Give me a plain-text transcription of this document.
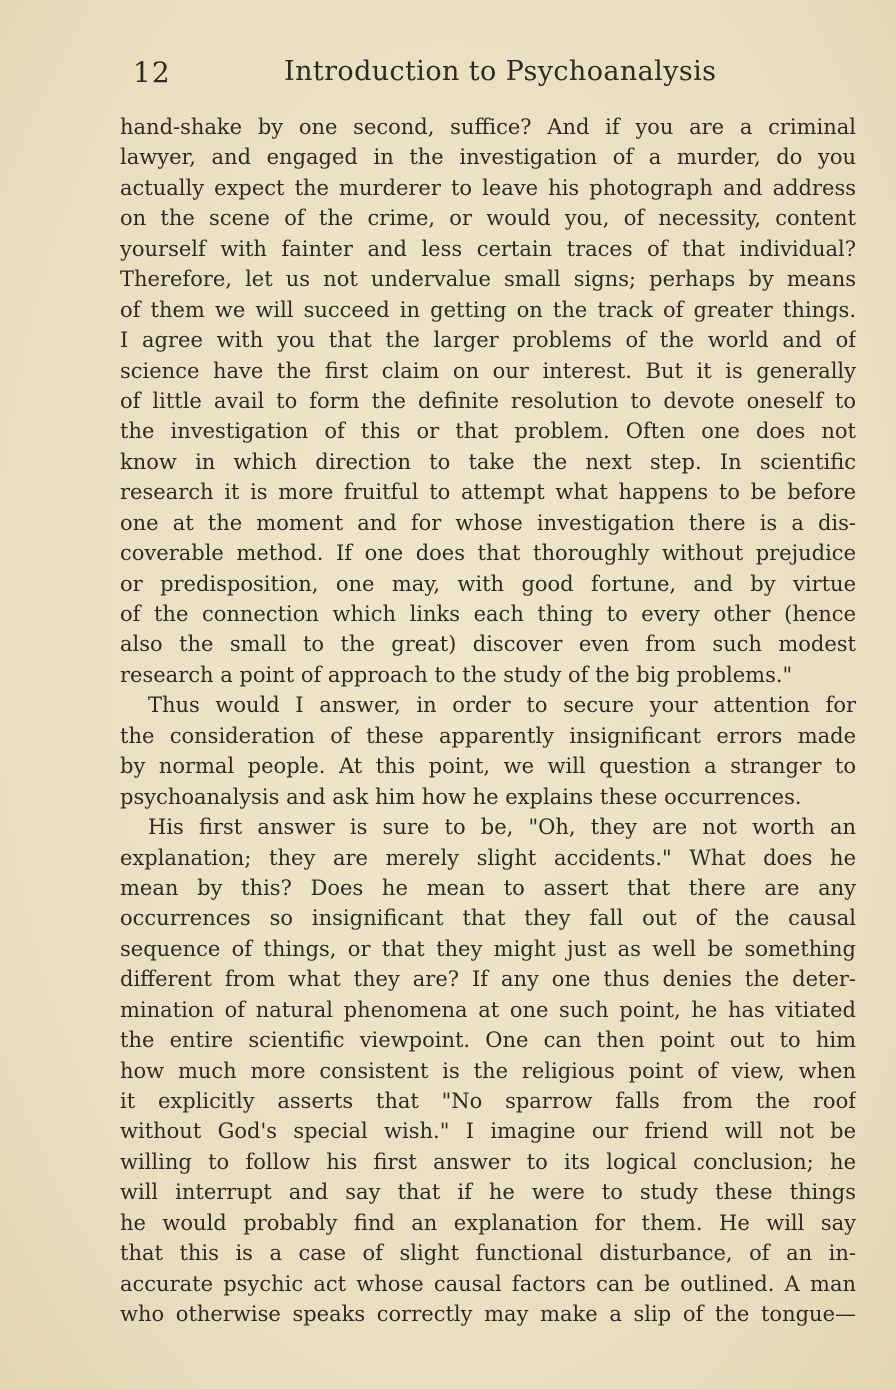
12	Introduction to Psychoanalysis
hand-shake by one second, suffice? And if you are a criminal
lawyer, and engaged in the investigation of a murder, do you
actually expect the murderer to leave his photograph and address
on the scene of the crime, or would you, of necessity, content
yourself with fainter and less certain traces of that individual?
Therefore, let us not undervalue small signs; perhaps by means
of them we will succeed in getting on the track of greater things.
I agree with you that the larger problems of the world and of
science have the first claim on our interest. But it is generally
of little avail to form the definite resolution to devote oneself to
the investigation of this or that problem. Often one does not
know in which direction to take the next step. In scientific
research it is more fruitful to attempt what happens to be before
one at the moment and for whose investigation there is a dis-
coverable method. If one does that thoroughly without prejudice
or predisposition, one may, with good fortune, and by virtue
of the connection which links each thing to every other (hence
also the small to the great) discover even from such modest
research a point of approach to the study of the big problems."
Thus would I answer, in order to secure your attention for
the consideration of these apparently insignificant errors made
by normal people. At this point, we will question a stranger to
psychoanalysis and ask him how he explains these occurrences.
His first answer is sure to be, "Oh, they are not worth an
explanation; they are merely slight accidents." What does he
mean by this? Does he mean to assert that there are any
occurrences so insignificant that they fall out of the causal
sequence of things, or that they might just as well be something
different from what they are? If any one thus denies the deter-
mination of natural phenomena at one such point, he has vitiated
the entire scientific viewpoint. One can then point out to him
how much more consistent is the religious point of view, when
it explicitly asserts that "No sparrow falls from the roof
without God's special wish." I imagine our friend will not be
willing to follow his first answer to its logical conclusion; he
will interrupt and say that if he were to study these things
he would probably find an explanation for them. He will say
that this is a case of slight functional disturbance, of an in-
accurate psychic act whose causal factors can be outlined. A man
who otherwise speaks correctly may make a slip of the tongue—
